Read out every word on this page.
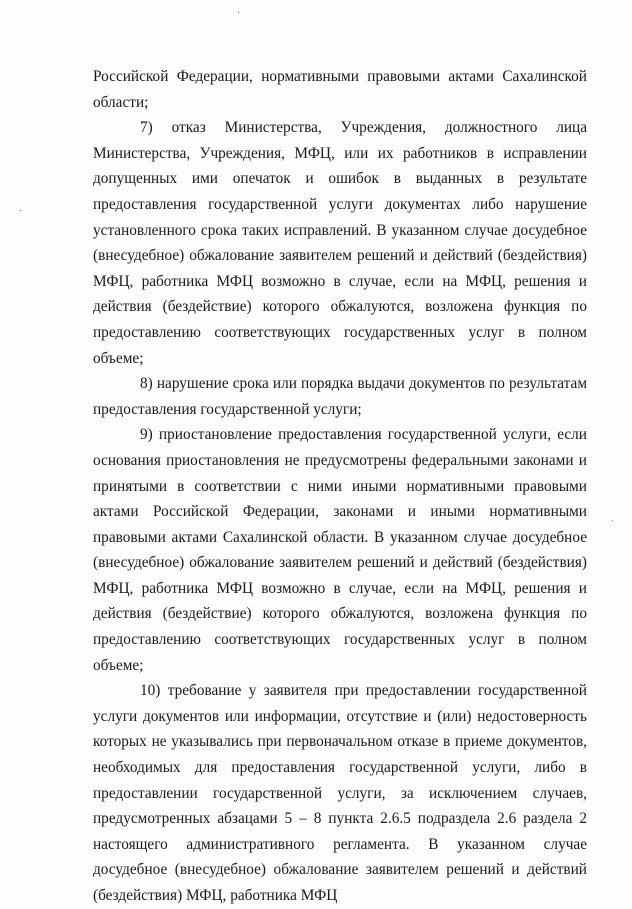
Российской Федерации, нормативными правовыми актами Сахалинской области;

7) отказ Министерства, Учреждения, должностного лица Министерства, Учреждения, МФЦ, или их работников в исправлении допущенных ими опечаток и ошибок в выданных в результате предоставления государственной услуги документах либо нарушение установленного срока таких исправлений. В указанном случае досудебное (внесудебное) обжалование заявителем решений и действий (бездействия) МФЦ, работника МФЦ возможно в случае, если на МФЦ, решения и действия (бездействие) которого обжалуются, возложена функция по предоставлению соответствующих государственных услуг в полном объеме;

8) нарушение срока или порядка выдачи документов по результатам предоставления государственной услуги;

9) приостановление предоставления государственной услуги, если основания приостановления не предусмотрены федеральными законами и принятыми в соответствии с ними иными нормативными правовыми актами Российской Федерации, законами и иными нормативными правовыми актами Сахалинской области. В указанном случае досудебное (внесудебное) обжалование заявителем решений и действий (бездействия) МФЦ, работника МФЦ возможно в случае, если на МФЦ, решения и действия (бездействие) которого обжалуются, возложена функция по предоставлению соответствующих государственных услуг в полном объеме;

10) требование у заявителя при предоставлении государственной услуги документов или информации, отсутствие и (или) недостоверность которых не указывались при первоначальном отказе в приеме документов, необходимых для предоставления государственной услуги, либо в предоставлении государственной услуги, за исключением случаев, предусмотренных абзацами 5 – 8 пункта 2.6.5 подраздела 2.6 раздела 2 настоящего административного регламента. В указанном случае досудебное (внесудебное) обжалование заявителем решений и действий (бездействия) МФЦ, работника МФЦ
